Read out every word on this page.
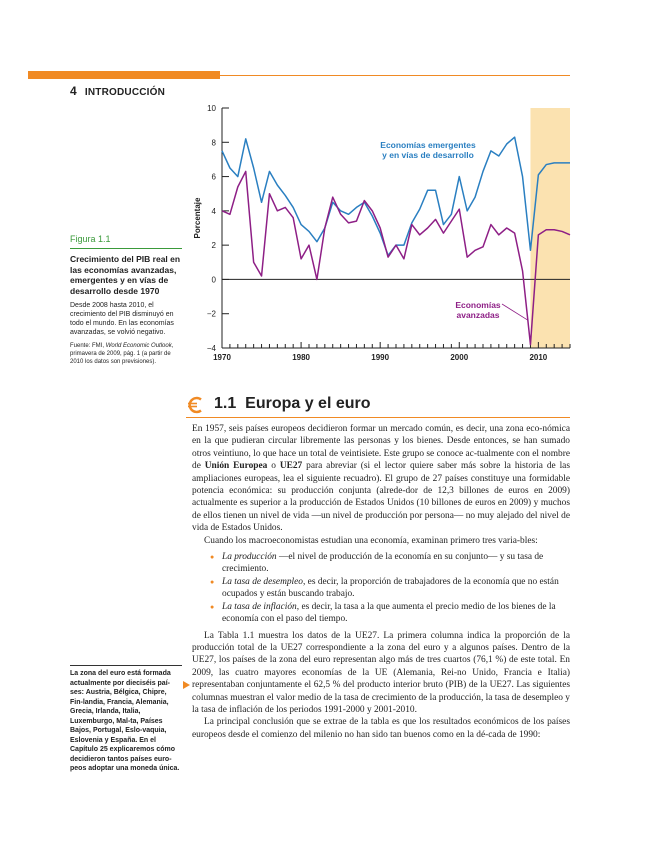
4 INTRODUCCIÓN
−4
−2
0
2
4
6
8
10
1970	1980	1990	2000	2010
Porcentaje
Economías emergentes y en vías de desarrollo
Economías avanzadas
Figura 1.1
Crecimiento del PIB real en las economías avanzadas, emergentes y en vías de desarrollo desde 1970
Desde 2008 hasta 2010, el crecimiento del PIB disminuyó en todo el mundo. En las economías avanzadas, se volvió negativo.
Fuente: FMI, World Economic Outlook, primavera de 2009, pág. 1 (a partir de 2010 los datos son previsiones).
1.1 Europa y el euro

En 1957, seis países europeos decidieron formar un mercado común, es decir, una zona eco-nómica en la que pudieran circular libremente las personas y los bienes. Desde entonces, se han sumado otros veintiuno, lo que hace un total de veintisiete. Este grupo se conoce ac-tualmente con el nombre de Unión Europea o UE27 para abreviar (si el lector quiere saber más sobre la historia de las ampliaciones europeas, lea el siguiente recuadro). El grupo de 27 países constituye una formidable potencia económica: su producción conjunta (alrede-dor de 12,3 billones de euros en 2009) actualmente es superior a la producción de Estados Unidos (10 billones de euros en 2009) y muchos de ellos tienen un nivel de vida —un nivel de producción por persona— no muy alejado del nivel de vida de Estados Unidos.

Cuando los macroeconomistas estudian una economía, examinan primero tres varia-bles:

● La producción —el nivel de producción de la economía en su conjunto— y su tasa de crecimiento.
● La tasa de desempleo, es decir, la proporción de trabajadores de la economía que no están ocupados y están buscando trabajo.
● La tasa de inflación, es decir, la tasa a la que aumenta el precio medio de los bienes de la economía con el paso del tiempo.

La Tabla 1.1 muestra los datos de la UE27. La primera columna indica la proporción de la producción total de la UE27 correspondiente a la zona del euro y a algunos países. Dentro de la UE27, los países de la zona del euro representan algo más de tres cuartos (76,1 %) de este total. En 2009, las cuatro mayores economías de la UE (Alemania, Rei-no Unido, Francia e Italia) representaban conjuntamente el 62,5 % del producto interior bruto (PIB) de la UE27. Las siguientes columnas muestran el valor medio de la tasa de crecimiento de la producción, la tasa de desempleo y la tasa de inflación de los periodos 1991-2000 y 2001-2010.

La principal conclusión que se extrae de la tabla es que los resultados económicos de los países europeos desde el comienzo del milenio no han sido tan buenos como en la dé-cada de 1990:

La zona del euro está formada actualmente por dieciséis paí-ses: Austria, Bélgica, Chipre, Fin-landia, Francia, Alemania, Grecia, Irlanda, Italia, Luxemburgo, Mal-ta, Países Bajos, Portugal, Eslo-vaquia, Eslovenia y España. En el Capítulo 25 explicaremos cómo decidieron tantos países euro-peos adoptar una moneda única.
